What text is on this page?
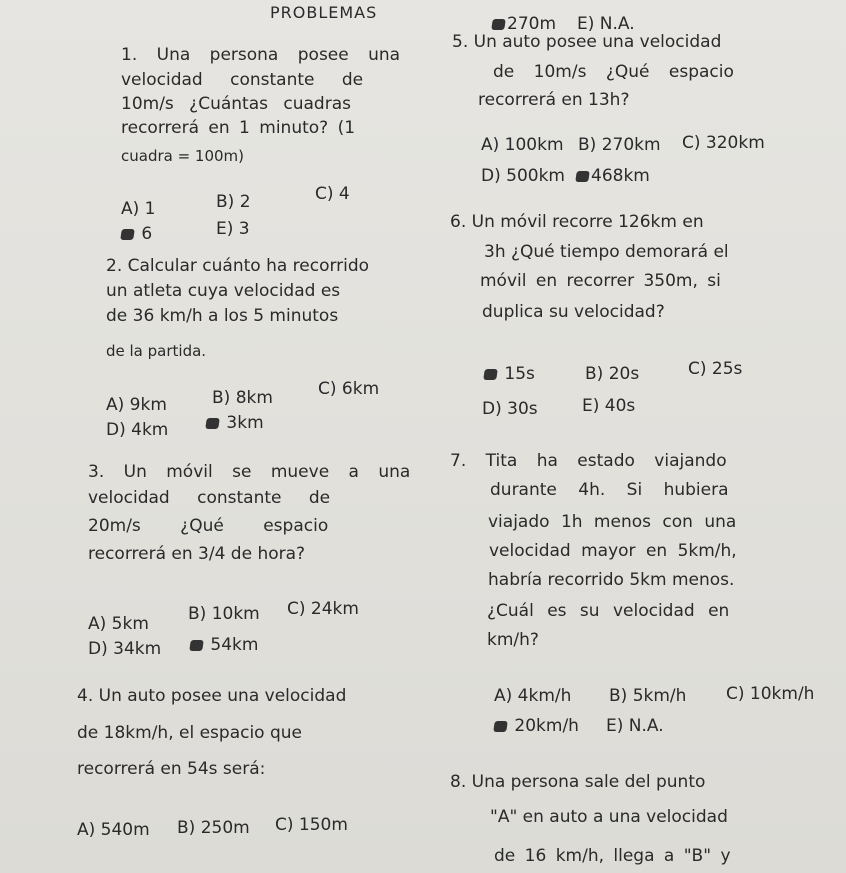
PROBLEMAS
270m E) N.A.
1. Una persona posee una
velocidad constante de
10m/s ¿Cuántas cuadras
recorrerá en 1 minuto? (1
cuadra = 100m)
A) 1	B) 2	C) 4
6	E) 3
2. Calcular cuánto ha recorrido
un atleta cuya velocidad es
de 36 km/h a los 5 minutos
de la partida.
A) 9km	B) 8km	C) 6km
D) 4km	3km
3. Un móvil se mueve a una
velocidad constante de
20m/s ¿Qué espacio
recorrerá en 3/4 de hora?
A) 5km B) 10km C) 24km
D) 34km	54km
4. Un auto posee una velocidad
de 18km/h, el espacio que
recorrerá en 54s será:
A) 540m B) 250m C) 150m
5. Un auto posee una velocidad
de 10m/s ¿Qué espacio
recorrerá en 13h?
A) 100km B) 270km C) 320km
D) 500km	468km
6. Un móvil recorre 126km en
3h ¿Qué tiempo demorará el
móvil en recorrer 350m, si
duplica su velocidad?
15s	B) 20s	C) 25s
D) 30s	E) 40s
7. Tita ha estado viajando
durante 4h. Si hubiera
viajado 1h menos con una
velocidad mayor en 5km/h,
habría recorrido 5km menos.
¿Cuál es su velocidad en
km/h?
A) 4km/h B) 5km/h C) 10km/h
20km/h E) N.A.
8. Una persona sale del punto
"A" en auto a una velocidad
de 16 km/h, llega a "B" y
